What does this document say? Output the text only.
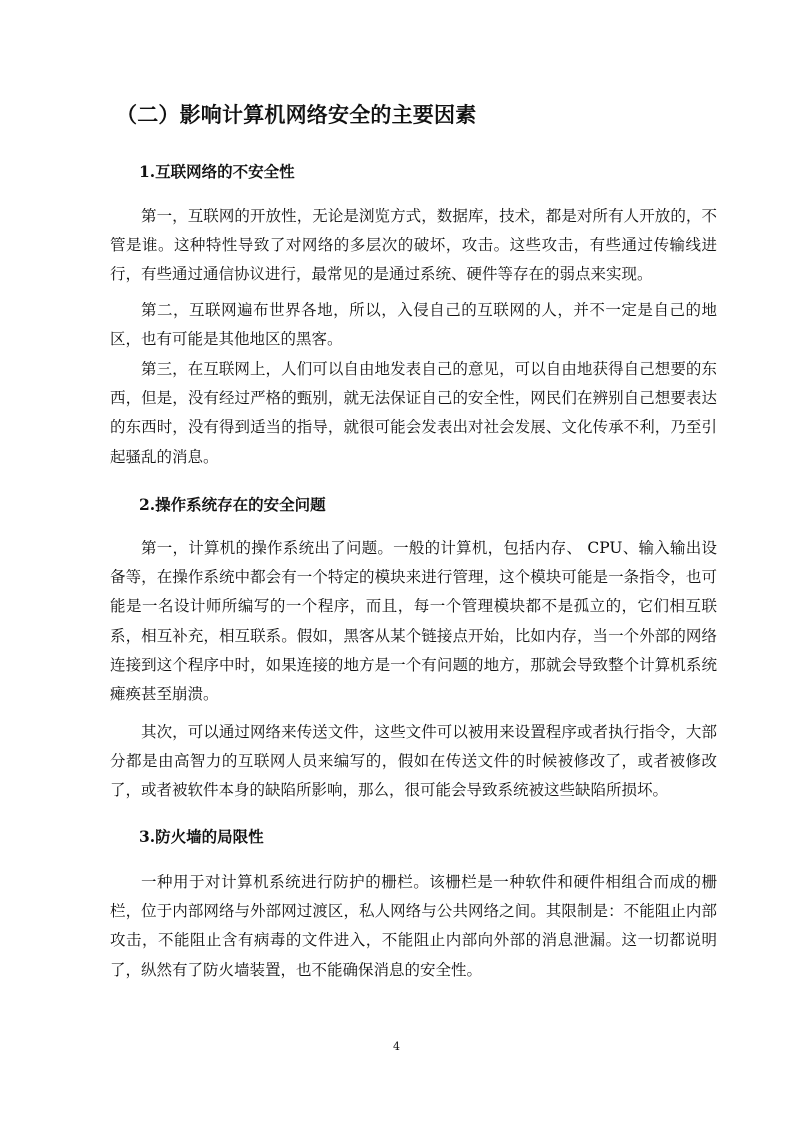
（二）影响计算机网络安全的主要因素
1.互联网络的不安全性

第一，互联网的开放性，无论是浏览方式，数据库，技术，都是对所有人开放的，不管是谁。这种特性导致了对网络的多层次的破坏，攻击。这些攻击，有些通过传输线进行，有些通过通信协议进行，最常见的是通过系统、硬件等存在的弱点来实现。

第二，互联网遍布世界各地，所以，入侵自己的互联网的人，并不一定是自己的地区，也有可能是其他地区的黑客。

第三，在互联网上，人们可以自由地发表自己的意见，可以自由地获得自己想要的东西，但是，没有经过严格的甄别，就无法保证自己的安全性，网民们在辨别自己想要表达的东西时，没有得到适当的指导，就很可能会发表出对社会发展、文化传承不利，乃至引起骚乱的消息。

2.操作系统存在的安全问题

第一，计算机的操作系统出了问题。一般的计算机，包括内存、 CPU、输入输出设备等，在操作系统中都会有一个特定的模块来进行管理，这个模块可能是一条指令，也可能是一名设计师所编写的一个程序，而且，每一个管理模块都不是孤立的，它们相互联系，相互补充，相互联系。假如，黑客从某个链接点开始，比如内存，当一个外部的网络连接到这个程序中时，如果连接的地方是一个有问题的地方，那就会导致整个计算机系统瘫痪甚至崩溃。

其次，可以通过网络来传送文件，这些文件可以被用来设置程序或者执行指令，大部分都是由高智力的互联网人员来编写的，假如在传送文件的时候被修改了，或者被修改了，或者被软件本身的缺陷所影响，那么，很可能会导致系统被这些缺陷所损坏。

3.防火墙的局限性

一种用于对计算机系统进行防护的栅栏。该栅栏是一种软件和硬件相组合而成的栅栏，位于内部网络与外部网过渡区，私人网络与公共网络之间。其限制是：不能阻止内部攻击，不能阻止含有病毒的文件进入，不能阻止内部向外部的消息泄漏。这一切都说明了，纵然有了防火墙装置，也不能确保消息的安全性。

4
